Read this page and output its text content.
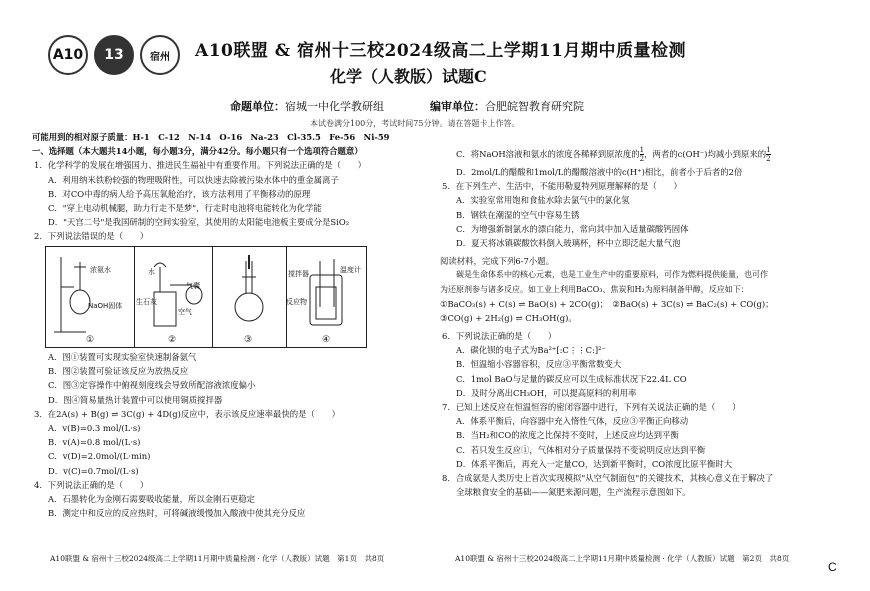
A10	13	宿州	A10联盟 & 宿州十三校2024级高二上学期11月期中质量检测
化学（人教版）试题C
命题单位：宿城一中化学教研组	编审单位：合肥皖智教育研究院
本试卷满分100分，考试时间75分钟。请在答题卡上作答。
可能用到的相对原子质量：H-1　C-12　N-14　O-16　Na-23　Cl-35.5　Fe-56　Ni-59
一、选择题（本大题共14小题，每小题3分，满分42分。每小题只有一个选项符合题意）
1．化学科学的发展在增强国力、推进民生福祉中有重要作用。下列说法正确的是（　　）
A．利用纳米铁粉较强的物理吸附性，可以快速去除被污染水体中的重金属离子
B．对CO中毒的病人给予高压氧舱治疗，该方法利用了平衡移动的原理
C．"穿上电动机械腿，助力行走不是梦"，行走时电池将电能转化为化学能
D．"天宫二号"是我国研制的空间实验室，其使用的太阳能电池板主要成分是SiO₂
2．下列说法错误的是（　　）
浓氨水
NaOH固体
①
水
气囊
生石灰
空气
②	③
搅拌器	温度计
反应物
④
A．图①装置可实现实验室快速制备氨气
B．图②装置可验证该反应为放热反应
C．图③定容操作中俯视刻度线会导致所配溶液浓度偏小
D．图④简易量热计装置中可以使用铜质搅拌器
3．在2A(s) + B(g) ⇌ 3C(g) + 4D(g)反应中，表示该反应速率最快的是（　　）
A．v(B)=0.3 mol/(L·s)
B．v(A)=0.8 mol/(L·s)
C．v(D)=2.0mol/(L·min)
D．v(C)=0.7mol/(L·s)
4．下列说法正确的是（　　）
A．石墨转化为金刚石需要吸收能量，所以金刚石更稳定
B．测定中和反应的反应热时，可将碱液缓慢加入酸液中使其充分反应
A10联盟 & 宿州十三校2024级高二上学期11月期中质量检测 · 化学（人教版）试题　第1页　共8页
C．将NaOH溶液和氨水的浓度各稀释到原浓度的 $\frac{1}{2}$ ，两者的c(OH⁻)均减小到原来的 $\frac{1}{2}$
D．2mol/L的醋酸和1mol/L的醋酸溶液中的c(H⁺)相比，前者小于后者的2倍
5．在下列生产、生活中，不能用勒夏特列原理解释的是（　　）
A．实验室常用饱和食盐水除去氯气中的氯化氢
B．钢铁在潮湿的空气中容易生锈
C．为增强新制氯水的漂白能力，常向其中加入适量碳酸钙固体
D．夏天将冰镇碳酸饮料倒入玻璃杯，杯中立即泛起大量气泡
阅读材料，完成下列6-7小题。
　　碳是生命体系中的核心元素，也是工业生产中的重要原料，可作为燃料提供能量，也可作
为还原剂参与诸多反应。如工业上利用BaCO₃、焦炭和H₂为原料制备甲醇，反应如下：
①BaCO₃(s) + C(s) ⇌ BaO(s) + 2CO(g)；　②BaO(s) + 3C(s) ⇌ BaC₂(s) + CO(g)；
③CO(g) + 2H₂(g) ⇌ CH₃OH(g)。
6．下列说法正确的是（　　）
A．碳化钡的电子式为Ba²⁺[:C⋮⋮C:]²⁻
B．恒温缩小容器容积，反应③平衡常数变大
C．1mol BaO与足量的碳反应可以生成标准状况下22.4L CO
D．及时分离出CH₃OH，可以提高原料的利用率
7．已知上述反应在恒温恒容的密闭容器中进行，下列有关说法正确的是（　　）
A．体系平衡后，向容器中充入惰性气体，反应③平衡正向移动
B．当H₂和CO的浓度之比保持不变时，上述反应均达到平衡
C．若只发生反应①，气体相对分子质量保持不变说明反应达到平衡
D．体系平衡后，再充入一定量CO，达到新平衡时，CO浓度比原平衡时大
8．合成氨是人类历史上首次实现模拟"从空气制面包"的关键技术，其核心意义在于解决了
全球粮食安全的基础——氮肥来源问题，生产流程示意图如下。
A10联盟 & 宿州十三校2024级高二上学期11月期中质量检测 · 化学（人教版）试题　第2页　共8页
C
